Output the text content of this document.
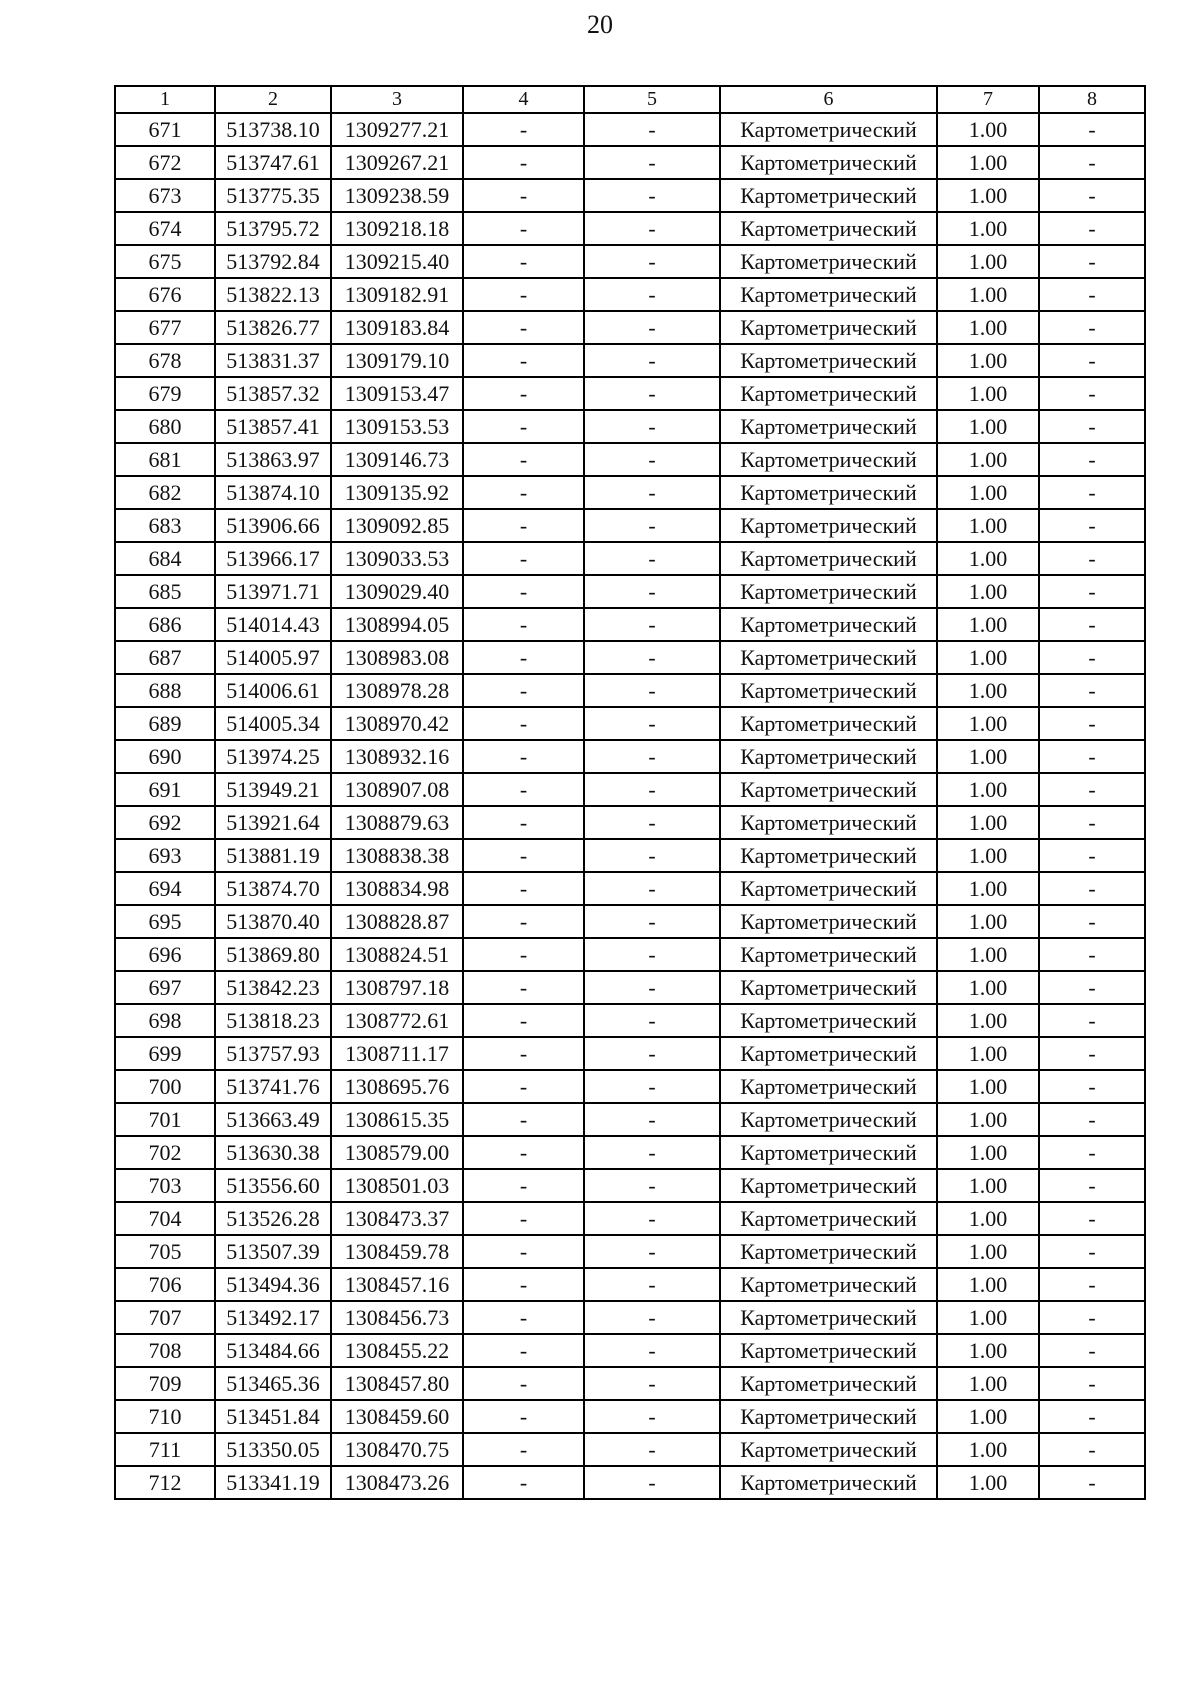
20
1	2	3	4	5	6	7	8
671	513738.10	1309277.21	-	-	Картометрический	1.00	-
672	513747.61	1309267.21	-	-	Картометрический	1.00	-
673	513775.35	1309238.59	-	-	Картометрический	1.00	-
674	513795.72	1309218.18	-	-	Картометрический	1.00	-
675	513792.84	1309215.40	-	-	Картометрический	1.00	-
676	513822.13	1309182.91	-	-	Картометрический	1.00	-
677	513826.77	1309183.84	-	-	Картометрический	1.00	-
678	513831.37	1309179.10	-	-	Картометрический	1.00	-
679	513857.32	1309153.47	-	-	Картометрический	1.00	-
680	513857.41	1309153.53	-	-	Картометрический	1.00	-
681	513863.97	1309146.73	-	-	Картометрический	1.00	-
682	513874.10	1309135.92	-	-	Картометрический	1.00	-
683	513906.66	1309092.85	-	-	Картометрический	1.00	-
684	513966.17	1309033.53	-	-	Картометрический	1.00	-
685	513971.71	1309029.40	-	-	Картометрический	1.00	-
686	514014.43	1308994.05	-	-	Картометрический	1.00	-
687	514005.97	1308983.08	-	-	Картометрический	1.00	-
688	514006.61	1308978.28	-	-	Картометрический	1.00	-
689	514005.34	1308970.42	-	-	Картометрический	1.00	-
690	513974.25	1308932.16	-	-	Картометрический	1.00	-
691	513949.21	1308907.08	-	-	Картометрический	1.00	-
692	513921.64	1308879.63	-	-	Картометрический	1.00	-
693	513881.19	1308838.38	-	-	Картометрический	1.00	-
694	513874.70	1308834.98	-	-	Картометрический	1.00	-
695	513870.40	1308828.87	-	-	Картометрический	1.00	-
696	513869.80	1308824.51	-	-	Картометрический	1.00	-
697	513842.23	1308797.18	-	-	Картометрический	1.00	-
698	513818.23	1308772.61	-	-	Картометрический	1.00	-
699	513757.93	1308711.17	-	-	Картометрический	1.00	-
700	513741.76	1308695.76	-	-	Картометрический	1.00	-
701	513663.49	1308615.35	-	-	Картометрический	1.00	-
702	513630.38	1308579.00	-	-	Картометрический	1.00	-
703	513556.60	1308501.03	-	-	Картометрический	1.00	-
704	513526.28	1308473.37	-	-	Картометрический	1.00	-
705	513507.39	1308459.78	-	-	Картометрический	1.00	-
706	513494.36	1308457.16	-	-	Картометрический	1.00	-
707	513492.17	1308456.73	-	-	Картометрический	1.00	-
708	513484.66	1308455.22	-	-	Картометрический	1.00	-
709	513465.36	1308457.80	-	-	Картометрический	1.00	-
710	513451.84	1308459.60	-	-	Картометрический	1.00	-
711	513350.05	1308470.75	-	-	Картометрический	1.00	-
712	513341.19	1308473.26	-	-	Картометрический	1.00	-
